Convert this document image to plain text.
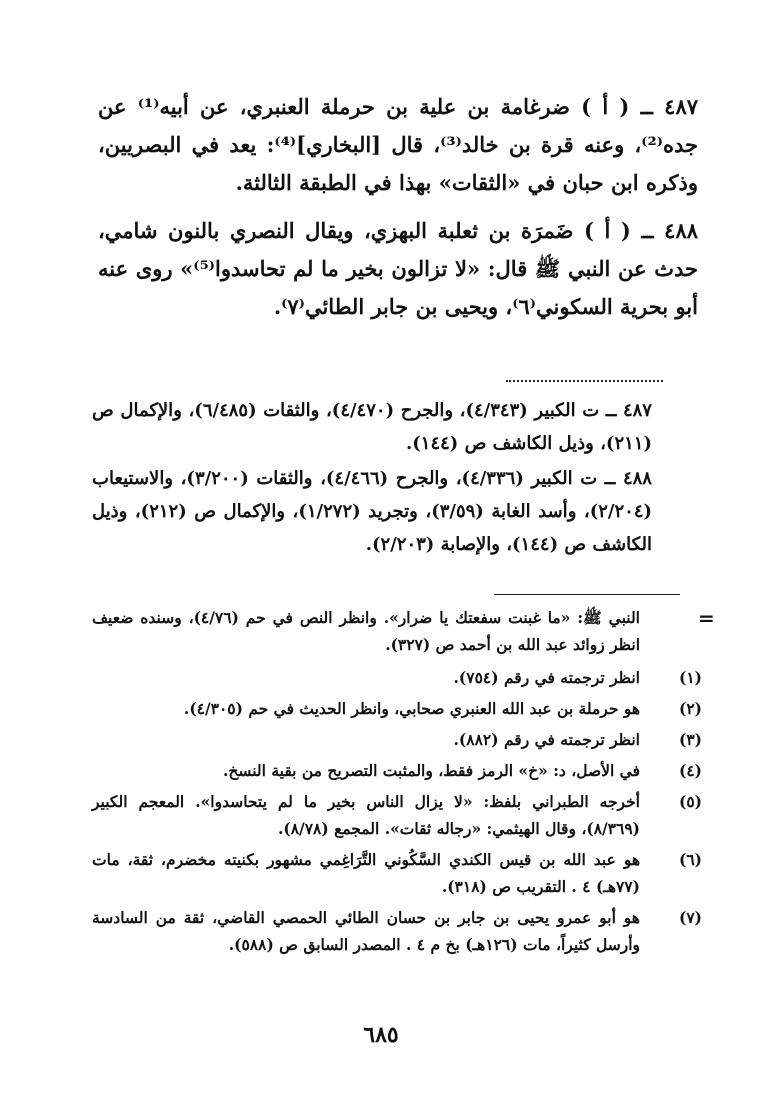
٤٨٧ ــ ( أ ) ضرغامة بن علية بن حرملة العنبري، عن أبيه⁽¹⁾ عن جده⁽²⁾، وعنه قرة بن خالد⁽³⁾، قال [البخاري]⁽⁴⁾: يعد في البصريين، وذكره ابن حبان في «الثقات» بهذا في الطبقة الثالثة.

٤٨٨ ــ ( أ ) ضَمرَة بن ثعلبة البهزي، ويقال النصري بالنون شامي، حدث عن النبي ﷺ قال: «لا تزالون بخير ما لم تحاسدوا⁽⁵⁾» روى عنه أبو بحرية السكوني⁽٦⁾، ويحيى بن جابر الطائي⁽٧⁾.

٤٨٧ ــ ت الكبير (٤/٣٤٣)، والجرح (٤/٤٧٠)، والثقات (٦/٤٨٥)، والإكمال ص (٢١١)، وذيل الكاشف ص (١٤٤).

٤٨٨ ــ ت الكبير (٤/٣٣٦)، والجرح (٤/٤٦٦)، والثقات (٣/٢٠٠)، والاستيعاب (٢/٢٠٤)، وأسد الغابة (٣/٥٩)، وتجريد (١/٢٧٢)، والإكمال ص (٢١٢)، وذيل الكاشف ص (١٤٤)، والإصابة (٢/٢٠٣).

=

النبي ﷺ: «ما غبنت سفعتك يا ضرار». وانظر النص في حم (٤/٧٦)، وسنده ضعيف انظر زوائد عبد الله بن أحمد ص (٣٢٧).

(١)
انظر ترجمته في رقم (٧٥٤).

(٢)
هو حرملة بن عبد الله العنبري صحابي، وانظر الحديث في حم (٤/٣٠٥).

(٣)
انظر ترجمته في رقم (٨٨٢).

(٤)
في الأصل، د: «خ» الرمز فقط، والمثبت التصريح من بقية النسخ.

(٥)
أخرجه الطبراني بلفظ: «لا يزال الناس بخير ما لم يتحاسدوا». المعجم الكبير (٨/٣٦٩)، وقال الهيثمي: «رجاله ثقات». المجمع (٨/٧٨).

(٦)
هو عبد الله بن قيس الكندي السَّكُوني التَّرَاغِمي مشهور بكنيته مخضرم، ثقة، مات (٧٧هـ) ٤ . التقريب ص (٣١٨).

(٧)
هو أبو عمرو يحيى بن جابر بن حسان الطائي الحمصي القاضي، ثقة من السادسة وأرسل كثيراً، مات (١٢٦هـ) بخ م ٤ . المصدر السابق ص (٥٨٨).

٦٨٥
